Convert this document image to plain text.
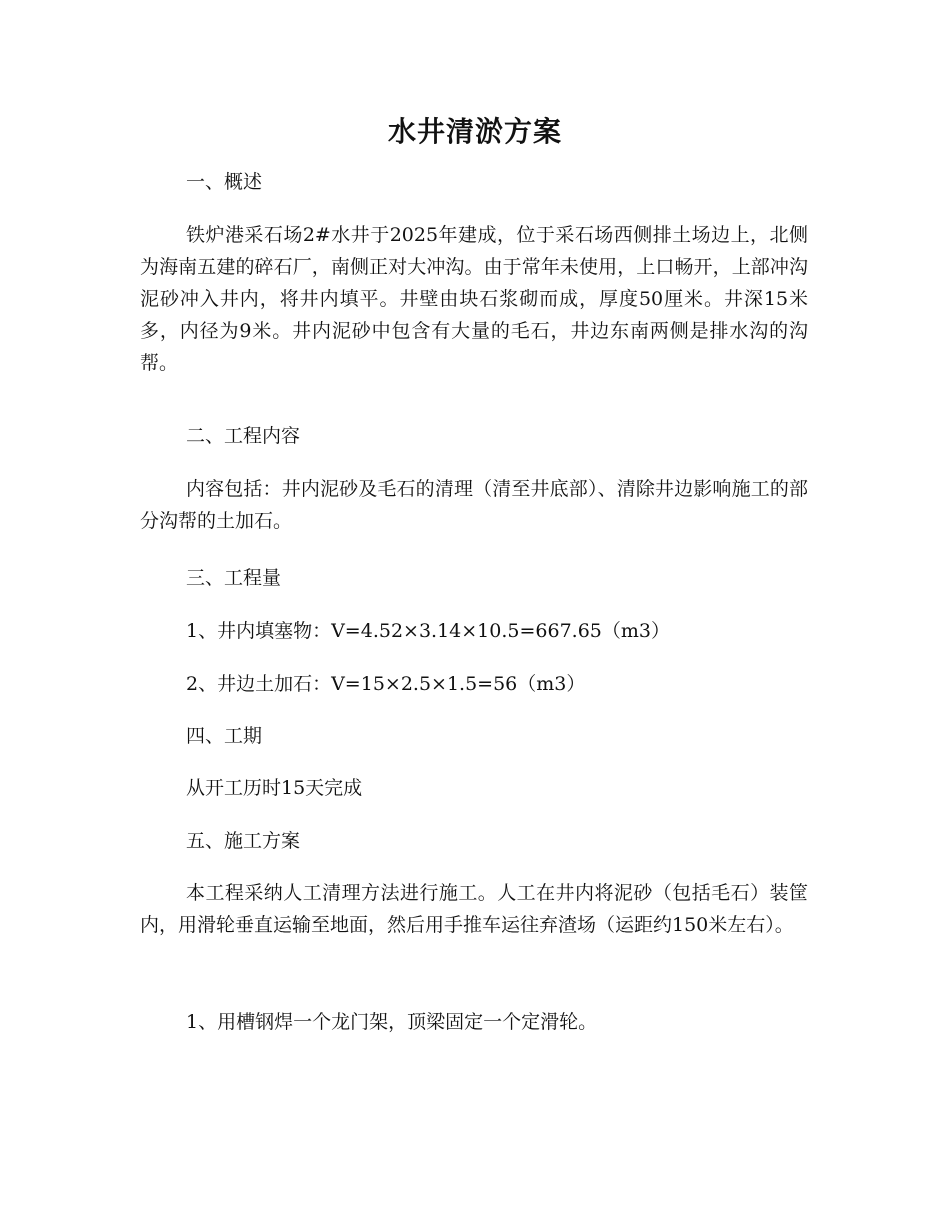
水井清淤方案

一、概述

铁炉港采石场2#水井于2025年建成，位于采石场西侧排土场边上，北侧为海南五建的碎石厂，南侧正对大冲沟。由于常年未使用，上口畅开，上部冲沟泥砂冲入井内，将井内填平。井壁由块石浆砌而成，厚度50厘米。井深15米多，内径为9米。井内泥砂中包含有大量的毛石，井边东南两侧是排水沟的沟帮。

二、工程内容

内容包括：井内泥砂及毛石的清理（清至井底部）、清除井边影响施工的部分沟帮的土加石。

三、工程量

1、井内填塞物：V=4.52×3.14×10.5=667.65（m3）

2、井边土加石：V=15×2.5×1.5=56（m3）

四、工期

从开工历时15天完成

五、施工方案

本工程采纳人工清理方法进行施工。人工在井内将泥砂（包括毛石）装筐内，用滑轮垂直运输至地面，然后用手推车运往弃渣场（运距约150米左右）。

1、用槽钢焊一个龙门架，顶梁固定一个定滑轮。
